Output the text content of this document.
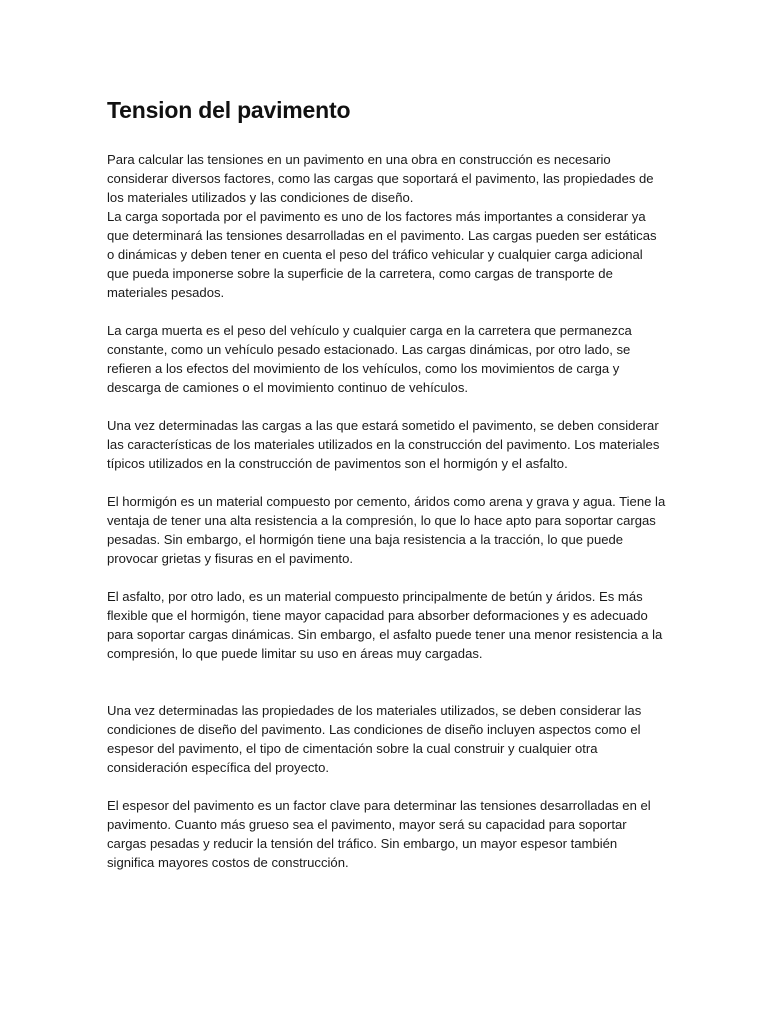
Tension del pavimento

Para calcular las tensiones en un pavimento en una obra en construcción es necesario considerar diversos factores, como las cargas que soportará el pavimento, las propiedades de los materiales utilizados y las condiciones de diseño.

La carga soportada por el pavimento es uno de los factores más importantes a considerar ya que determinará las tensiones desarrolladas en el pavimento. Las cargas pueden ser estáticas o dinámicas y deben tener en cuenta el peso del tráfico vehicular y cualquier carga adicional que pueda imponerse sobre la superficie de la carretera, como cargas de transporte de materiales pesados.

La carga muerta es el peso del vehículo y cualquier carga en la carretera que permanezca constante, como un vehículo pesado estacionado. Las cargas dinámicas, por otro lado, se refieren a los efectos del movimiento de los vehículos, como los movimientos de carga y descarga de camiones o el movimiento continuo de vehículos.

Una vez determinadas las cargas a las que estará sometido el pavimento, se deben considerar las características de los materiales utilizados en la construcción del pavimento. Los materiales típicos utilizados en la construcción de pavimentos son el hormigón y el asfalto.

El hormigón es un material compuesto por cemento, áridos como arena y grava y agua. Tiene la ventaja de tener una alta resistencia a la compresión, lo que lo hace apto para soportar cargas pesadas. Sin embargo, el hormigón tiene una baja resistencia a la tracción, lo que puede provocar grietas y fisuras en el pavimento.

El asfalto, por otro lado, es un material compuesto principalmente de betún y áridos. Es más flexible que el hormigón, tiene mayor capacidad para absorber deformaciones y es adecuado para soportar cargas dinámicas. Sin embargo, el asfalto puede tener una menor resistencia a la compresión, lo que puede limitar su uso en áreas muy cargadas.

Una vez determinadas las propiedades de los materiales utilizados, se deben considerar las condiciones de diseño del pavimento. Las condiciones de diseño incluyen aspectos como el espesor del pavimento, el tipo de cimentación sobre la cual construir y cualquier otra consideración específica del proyecto.

El espesor del pavimento es un factor clave para determinar las tensiones desarrolladas en el pavimento. Cuanto más grueso sea el pavimento, mayor será su capacidad para soportar cargas pesadas y reducir la tensión del tráfico. Sin embargo, un mayor espesor también significa mayores costos de construcción.
